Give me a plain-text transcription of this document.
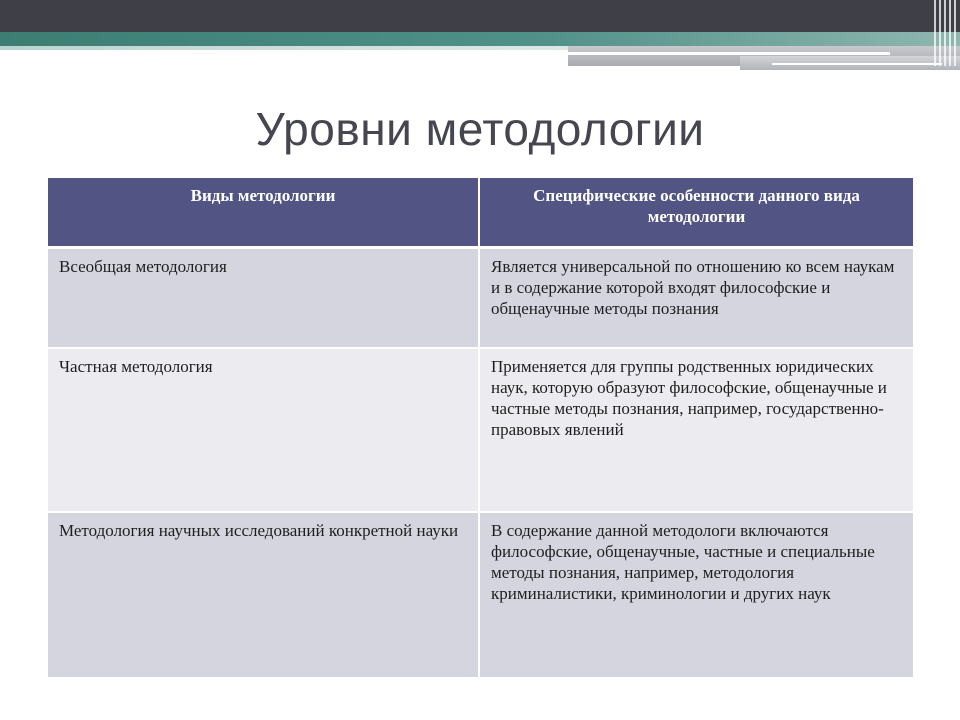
Уровни методологии
Виды методологии	Специфические особенности данного вида методологии
Всеобщая методология	Является универсальной по отношению ко всем наукам и в содержание которой входят философские и общенаучные методы познания
Частная методология	Применяется для группы родственных юридических наук, которую образуют философские, общенаучные и частные методы познания, например, государственно-правовых явлений
Методология научных исследований конкретной науки	В содержание данной методологи включаются философские, общенаучные, частные и специальные методы познания, например, методология криминалистики, криминологии и других наук
